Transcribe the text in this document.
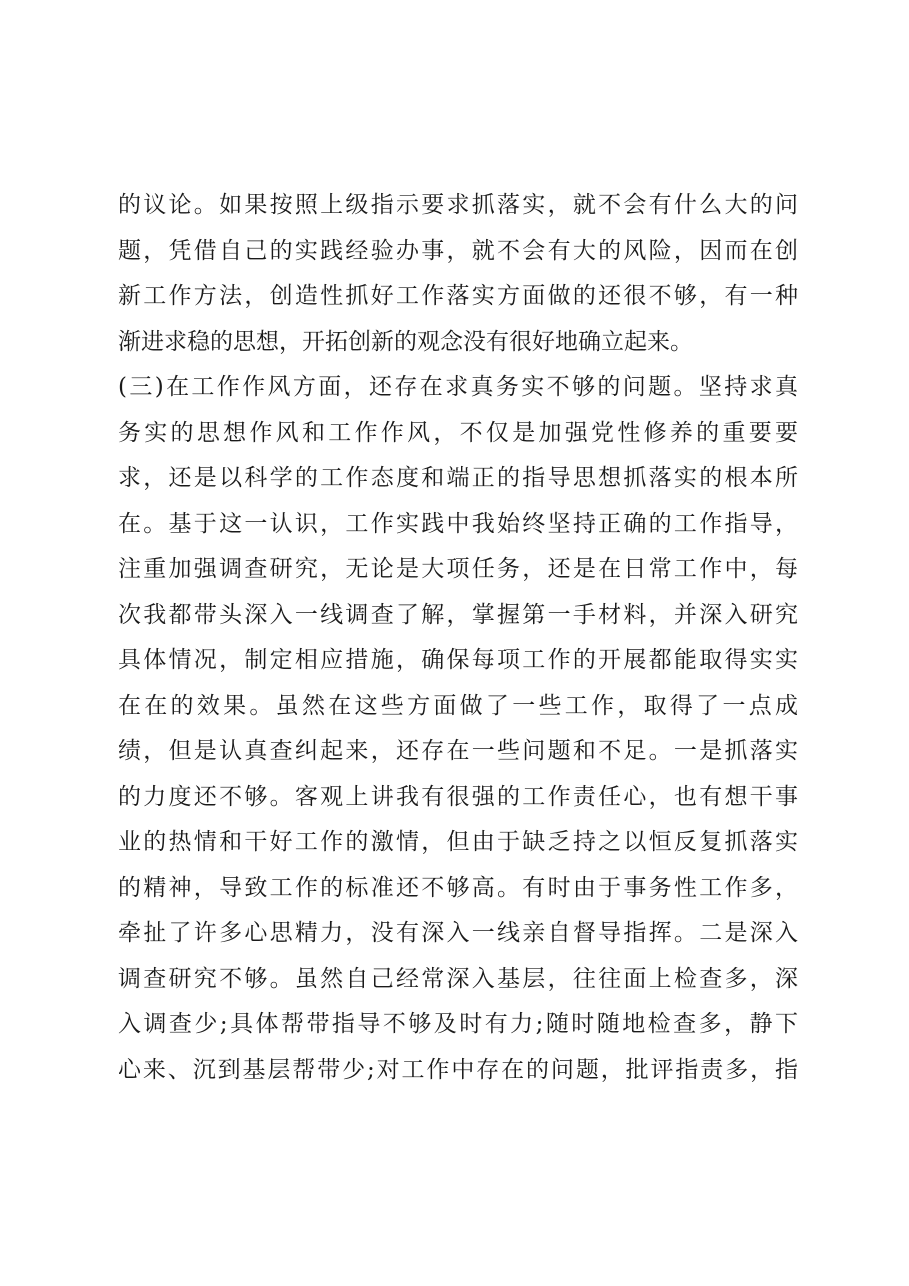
的议论。如果按照上级指示要求抓落实，就不会有什么大的问
题，凭借自己的实践经验办事，就不会有大的风险，因而在创
新工作方法，创造性抓好工作落实方面做的还很不够，有一种
渐进求稳的思想，开拓创新的观念没有很好地确立起来。
(三)在工作作风方面，还存在求真务实不够的问题。坚持求真
务实的思想作风和工作作风，不仅是加强党性修养的重要要
求，还是以科学的工作态度和端正的指导思想抓落实的根本所
在。基于这一认识，工作实践中我始终坚持正确的工作指导，
注重加强调查研究，无论是大项任务，还是在日常工作中，每
次我都带头深入一线调查了解，掌握第一手材料，并深入研究
具体情况，制定相应措施，确保每项工作的开展都能取得实实
在在的效果。虽然在这些方面做了一些工作，取得了一点成
绩，但是认真查纠起来，还存在一些问题和不足。一是抓落实
的力度还不够。客观上讲我有很强的工作责任心，也有想干事
业的热情和干好工作的激情，但由于缺乏持之以恒反复抓落实
的精神，导致工作的标准还不够高。有时由于事务性工作多，
牵扯了许多心思精力，没有深入一线亲自督导指挥。二是深入
调查研究不够。虽然自己经常深入基层，往往面上检查多，深
入调查少;具体帮带指导不够及时有力;随时随地检查多，静下
心来、沉到基层帮带少;对工作中存在的问题，批评指责多，指
